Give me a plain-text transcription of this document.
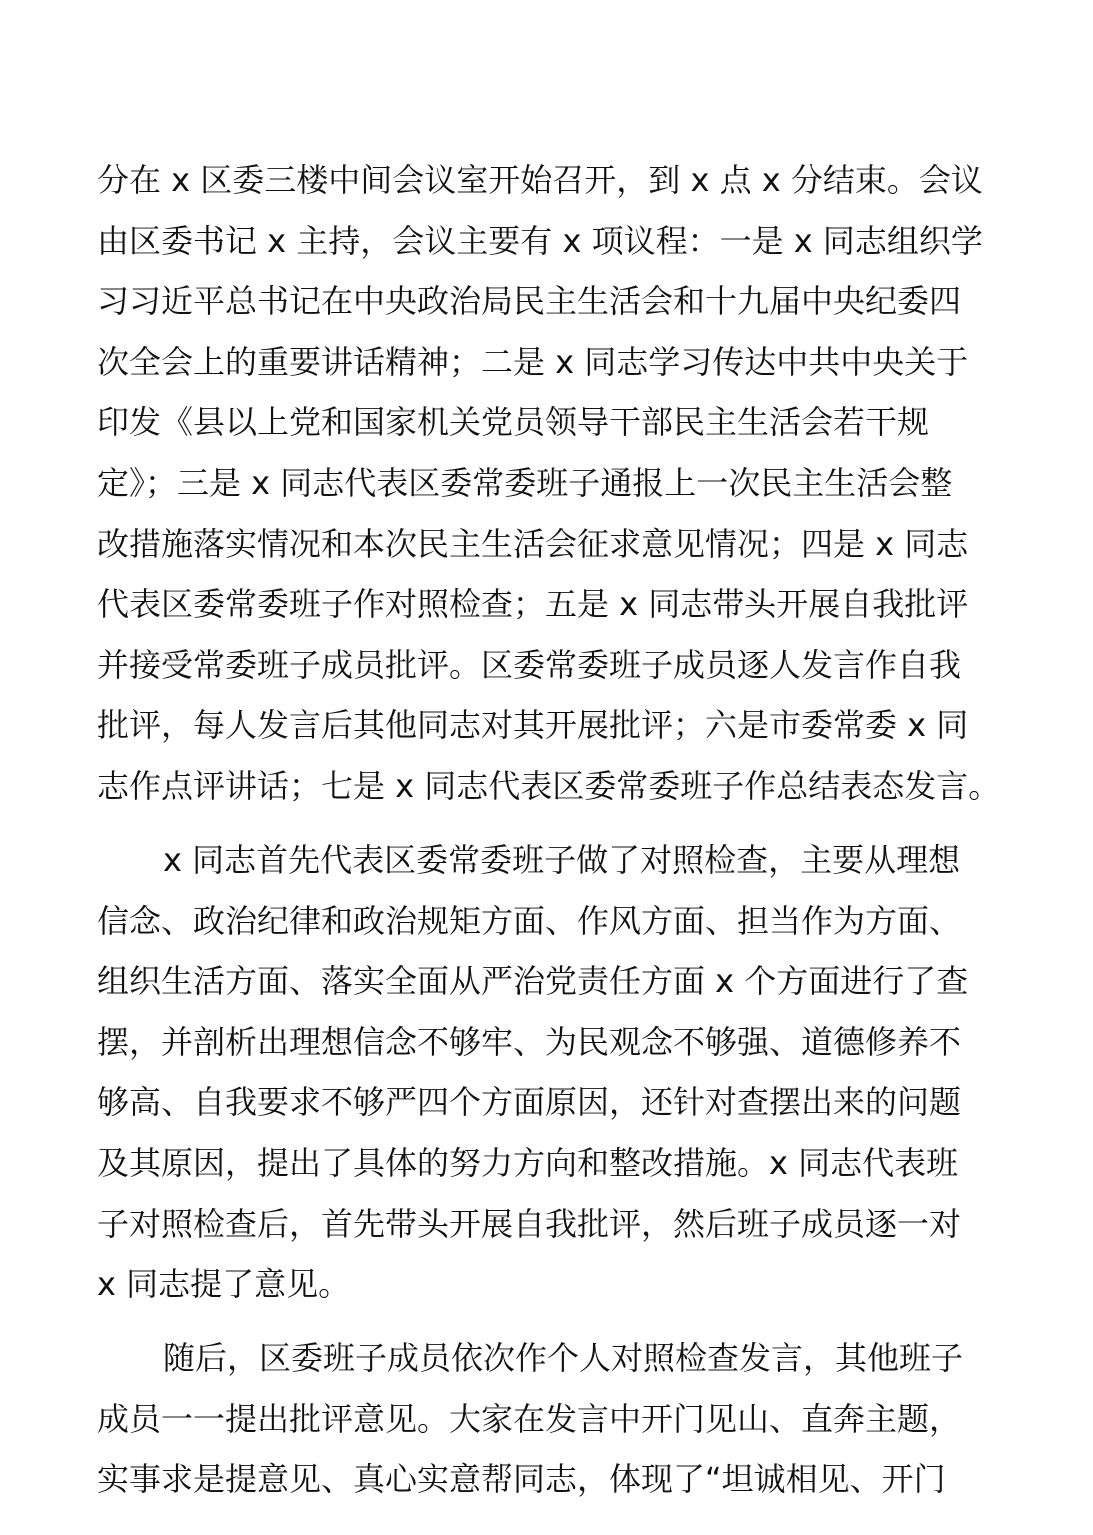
分在 x 区委三楼中间会议室开始召开，到 x 点 x 分结束。会议
由区委书记 x 主持，会议主要有 x 项议程：一是 x 同志组织学
习习近平总书记在中央政治局民主生活会和十九届中央纪委四
次全会上的重要讲话精神；二是 x 同志学习传达中共中央关于
印发《县以上党和国家机关党员领导干部民主生活会若干规
定》；三是 x 同志代表区委常委班子通报上一次民主生活会整
改措施落实情况和本次民主生活会征求意见情况；四是 x 同志
代表区委常委班子作对照检查；五是 x 同志带头开展自我批评
并接受常委班子成员批评。区委常委班子成员逐人发言作自我
批评，每人发言后其他同志对其开展批评；六是市委常委 x 同
志作点评讲话；七是 x 同志代表区委常委班子作总结表态发言。
x 同志首先代表区委常委班子做了对照检查，主要从理想
信念、政治纪律和政治规矩方面、作风方面、担当作为方面、
组织生活方面、落实全面从严治党责任方面 x 个方面进行了查
摆，并剖析出理想信念不够牢、为民观念不够强、道德修养不
够高、自我要求不够严四个方面原因，还针对查摆出来的问题
及其原因，提出了具体的努力方向和整改措施。x 同志代表班
子对照检查后，首先带头开展自我批评，然后班子成员逐一对
x 同志提了意见。
随后，区委班子成员依次作个人对照检查发言，其他班子
成员一一提出批评意见。大家在发言中开门见山、直奔主题，
实事求是提意见、真心实意帮同志，体现了“坦诚相见、开门
